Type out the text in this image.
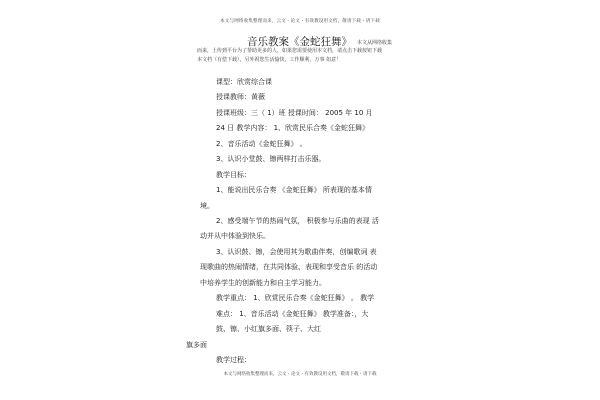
本文与网络收集整理而来，云文・论文・有效教设用文档，敬请下载・请下载
音乐教案《金蛇狂舞》 本文从网络收集

而来，上传到平台为了帮助更多的人，如果您需要使用本文档，请点击下载按钮下载

本文档（有偿下载），另外祝您生活愉快，工作顺利，万事 如意！

课型：欣赏综合课

授课教师：黄薇

授课班级：三（ 1）班 授课时间： 2005 年 10 月

24 日 教学内容： 1、欣赏民乐合奏《金蛇狂舞》

2、音乐活动《金蛇狂舞》 。

3、认识小堂鼓、镲两样打击乐器。

教学目标：

1、能说出民乐合奏 《金蛇狂舞》 所表现的基本情

境。

2、感受端午节的热闹气氛， 积极参与乐曲的表现 活

动并从中体验到快乐。

3、认识鼓、镲，会使用其为歌曲伴奏，创编歌词 表

现歌曲的热闹情绪，在共同体验、表现和享受音乐 的活动

中培养学生的创新能力和自主学习能力。

教学重点： 1、欣赏民乐合奏《金蛇狂舞》 。 教学

难点： 1、音乐活动《金蛇狂舞》 教学准备：，大

鼓、镲、小红旗多面、筷子、大红

旗多面

教学过程：

本文与网络收集整理而来，云文・论文・有效教设用文档，敬请下载・请下载
